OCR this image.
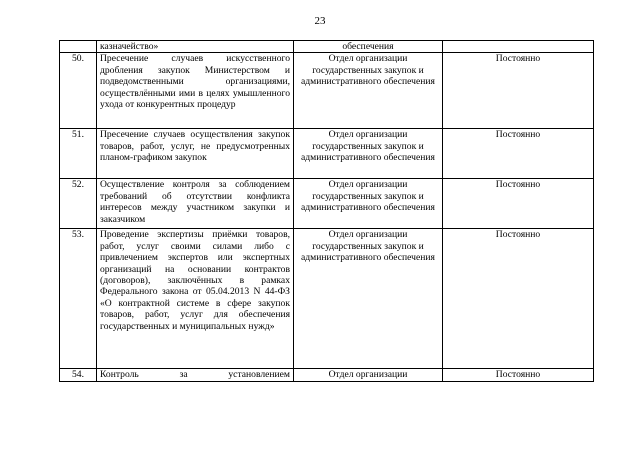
23
	казначейство»	обеспечения	
50.	Пресечение случаев искусственного дробления закупок Министерством и подведомственными организациями, осуществлёнными ими в целях умышленного ухода от конкурентных процедур	Отдел организации государственных закупок и административного обеспечения	Постоянно
51.	Пресечение случаев осуществления закупок товаров, работ, услуг, не предусмотренных планом-графиком закупок	Отдел организации государственных закупок и административного обеспечения	Постоянно
52.	Осуществление контроля за соблюдением требований об отсутствии конфликта интересов между участником закупки и заказчиком	Отдел организации государственных закупок и административного обеспечения	Постоянно
53.	Проведение экспертизы приёмки товаров, работ, услуг своими силами либо с привлечением экспертов или экспертных организаций на основании контрактов (договоров), заключённых в рамках Федерального закона от 05.04.2013 N 44-ФЗ «О контрактной системе в сфере закупок товаров, работ, услуг для обеспечения государственных и муниципальных нужд»	Отдел организации государственных закупок и административного обеспечения	Постоянно
54.	Контроль за установлением	Отдел организации	Постоянно
